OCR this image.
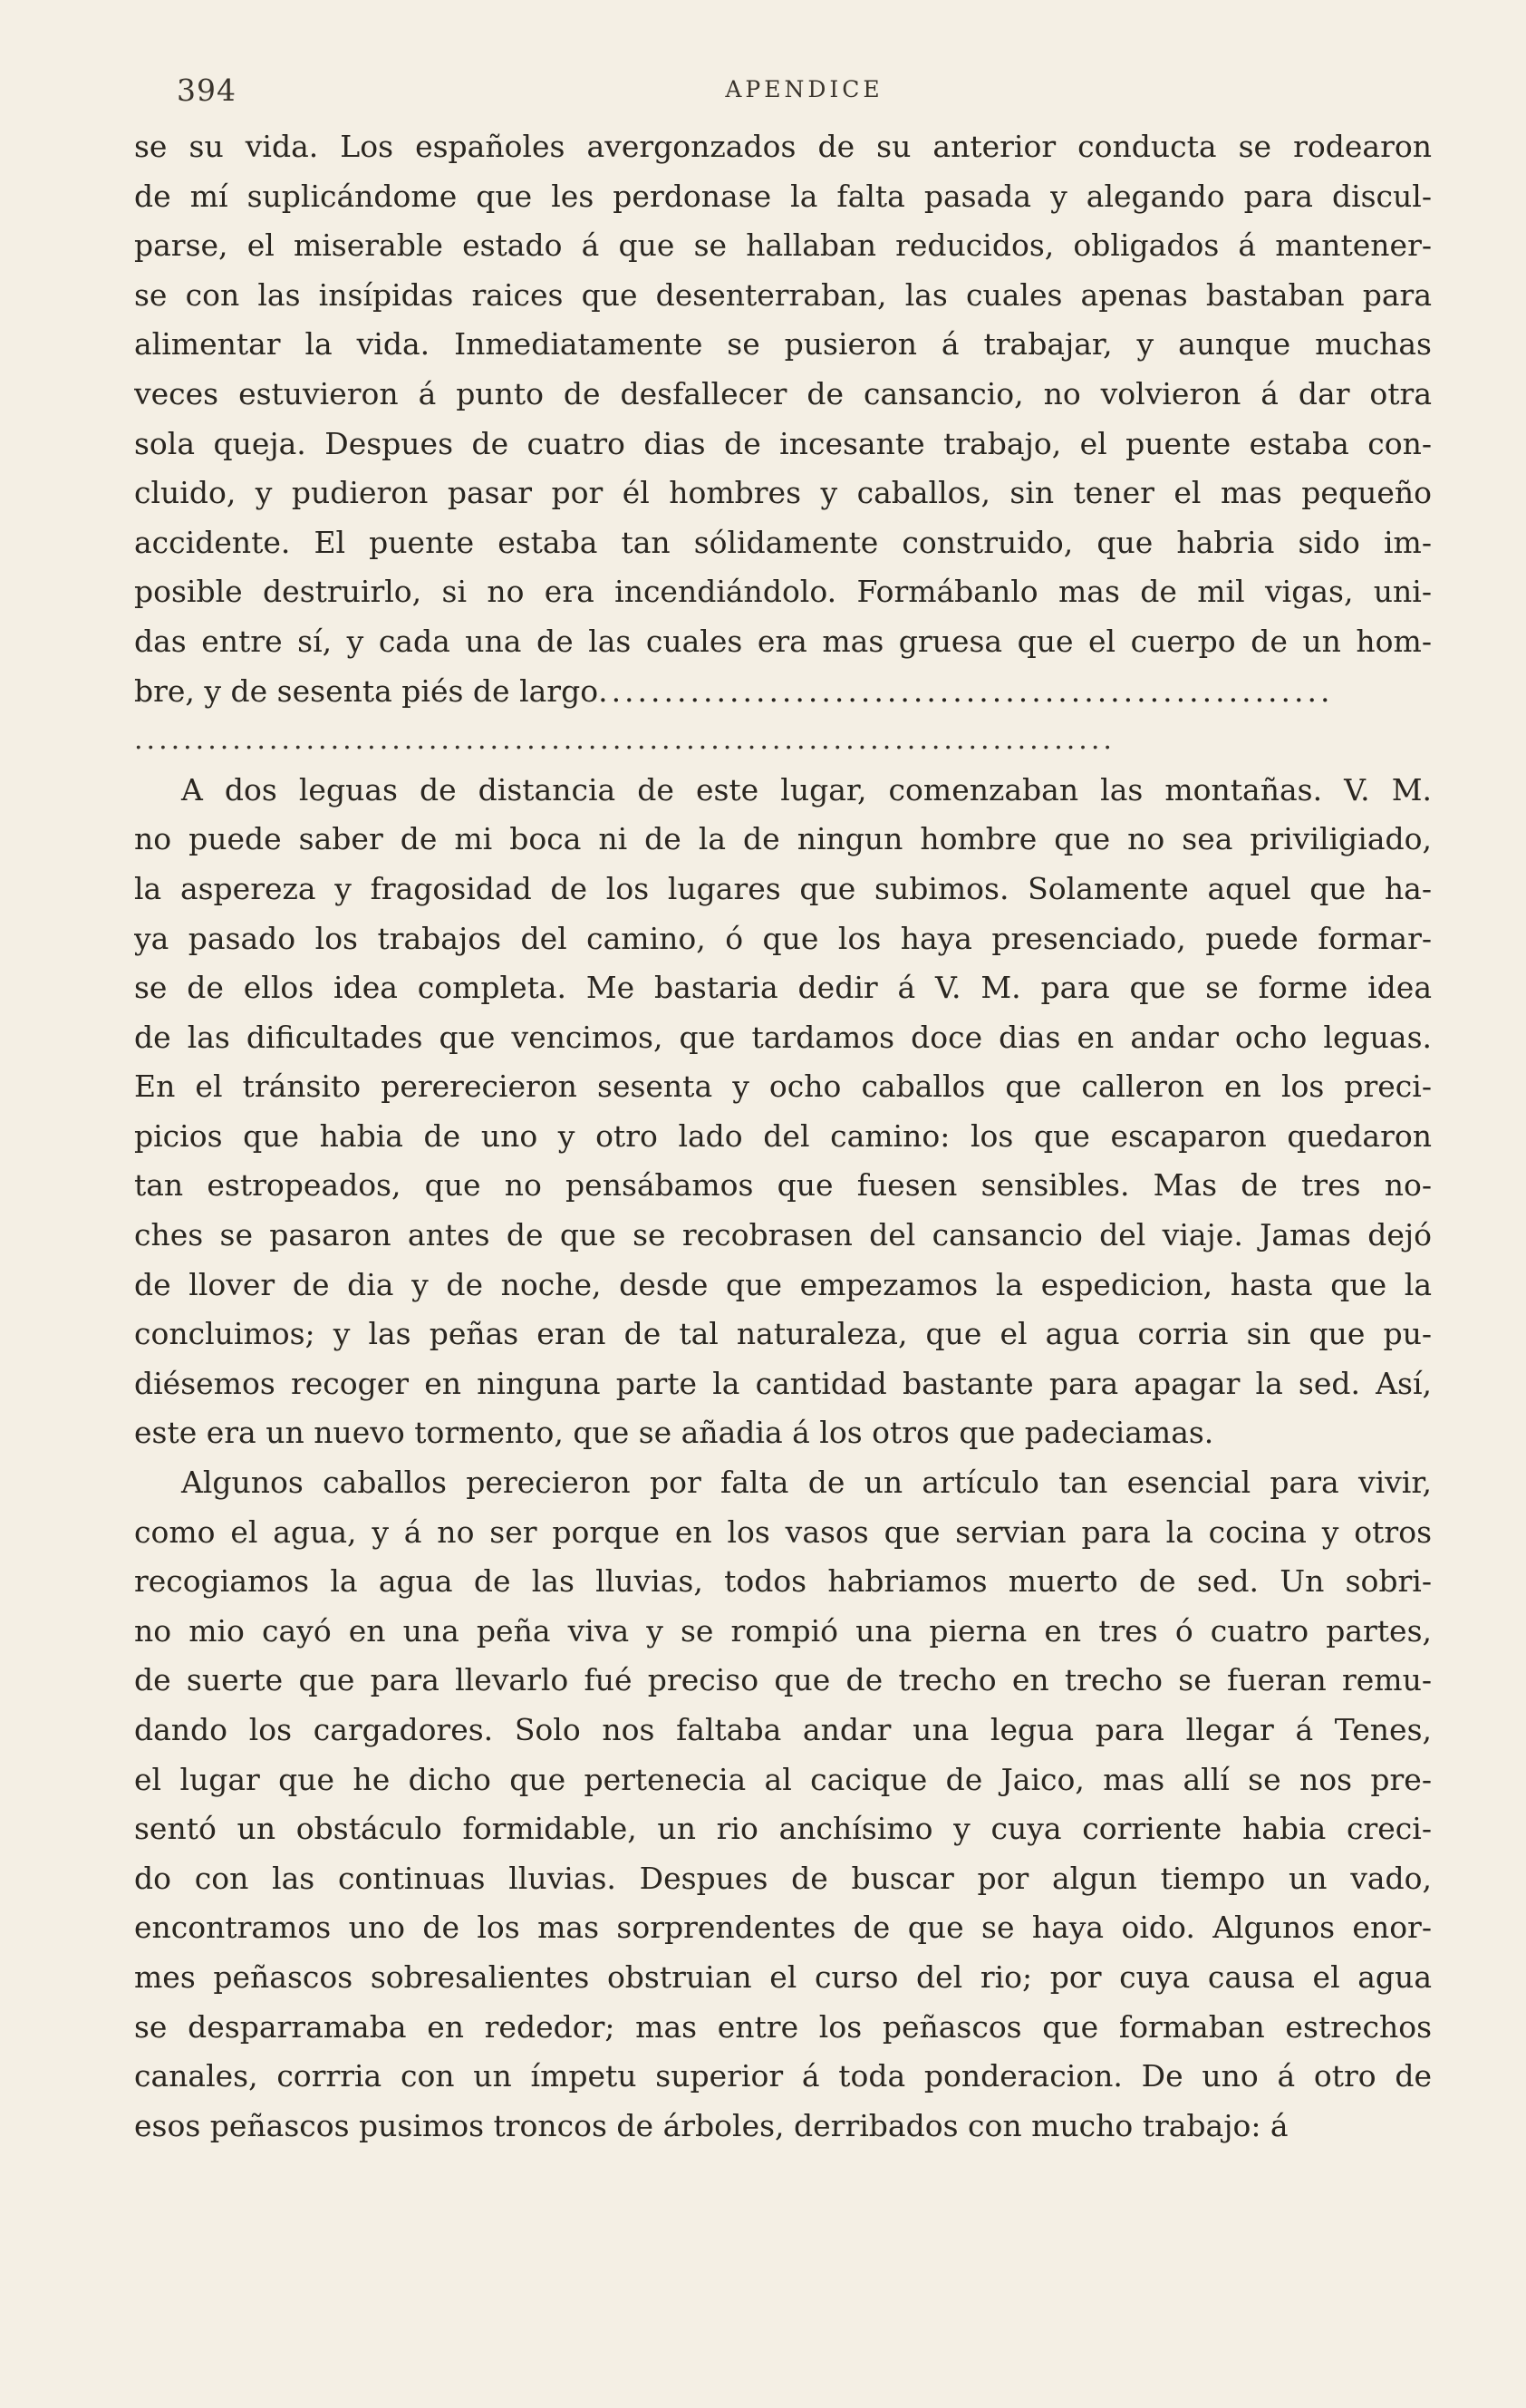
394	APENDICE
se su vida. Los españoles avergonzados de su anterior conducta se rodearon
de mí suplicándome que les perdonase la falta pasada y alegando para discul-
parse, el miserable estado á que se hallaban reducidos, obligados á mantener-
se con las insípidas raices que desenterraban, las cuales apenas bastaban para
alimentar la vida. Inmediatamente se pusieron á trabajar, y aunque muchas
veces estuvieron á punto de desfallecer de cansancio, no volvieron á dar otra
sola queja. Despues de cuatro dias de incesante trabajo, el puente estaba con-
cluido, y pudieron pasar por él hombres y caballos, sin tener el mas pequeño
accidente. El puente estaba tan sólidamente construido, que habria sido im-
posible destruirlo, si no era incendiándolo. Formábanlo mas de mil vigas, uni-
das entre sí, y cada una de las cuales era mas gruesa que el cuerpo de un hom-
bre, y de sesenta piés de largo........................................................
................................................................................
A dos leguas de distancia de este lugar, comenzaban las montañas. V. M.
no puede saber de mi boca ni de la de ningun hombre que no sea priviligiado,
la aspereza y fragosidad de los lugares que subimos. Solamente aquel que ha-
ya pasado los trabajos del camino, ó que los haya presenciado, puede formar-
se de ellos idea completa. Me bastaria dedir á V. M. para que se forme idea
de las dificultades que vencimos, que tardamos doce dias en andar ocho leguas.
En el tránsito pererecieron sesenta y ocho caballos que calleron en los preci-
picios que habia de uno y otro lado del camino: los que escaparon quedaron
tan estropeados, que no pensábamos que fuesen sensibles. Mas de tres no-
ches se pasaron antes de que se recobrasen del cansancio del viaje. Jamas dejó
de llover de dia y de noche, desde que empezamos la espedicion, hasta que la
concluimos; y las peñas eran de tal naturaleza, que el agua corria sin que pu-
diésemos recoger en ninguna parte la cantidad bastante para apagar la sed. Así,
este era un nuevo tormento, que se añadia á los otros que padeciamas.
Algunos caballos perecieron por falta de un artículo tan esencial para vivir,
como el agua, y á no ser porque en los vasos que servian para la cocina y otros
recogiamos la agua de las lluvias, todos habriamos muerto de sed. Un sobri-
no mio cayó en una peña viva y se rompió una pierna en tres ó cuatro partes,
de suerte que para llevarlo fué preciso que de trecho en trecho se fueran remu-
dando los cargadores. Solo nos faltaba andar una legua para llegar á Tenes,
el lugar que he dicho que pertenecia al cacique de Jaico, mas allí se nos pre-
sentó un obstáculo formidable, un rio anchísimo y cuya corriente habia creci-
do con las continuas lluvias. Despues de buscar por algun tiempo un vado,
encontramos uno de los mas sorprendentes de que se haya oido. Algunos enor-
mes peñascos sobresalientes obstruian el curso del rio; por cuya causa el agua
se desparramaba en rededor; mas entre los peñascos que formaban estrechos
canales, corrria con un ímpetu superior á toda ponderacion. De uno á otro de
esos peñascos pusimos troncos de árboles, derribados con mucho trabajo: á
